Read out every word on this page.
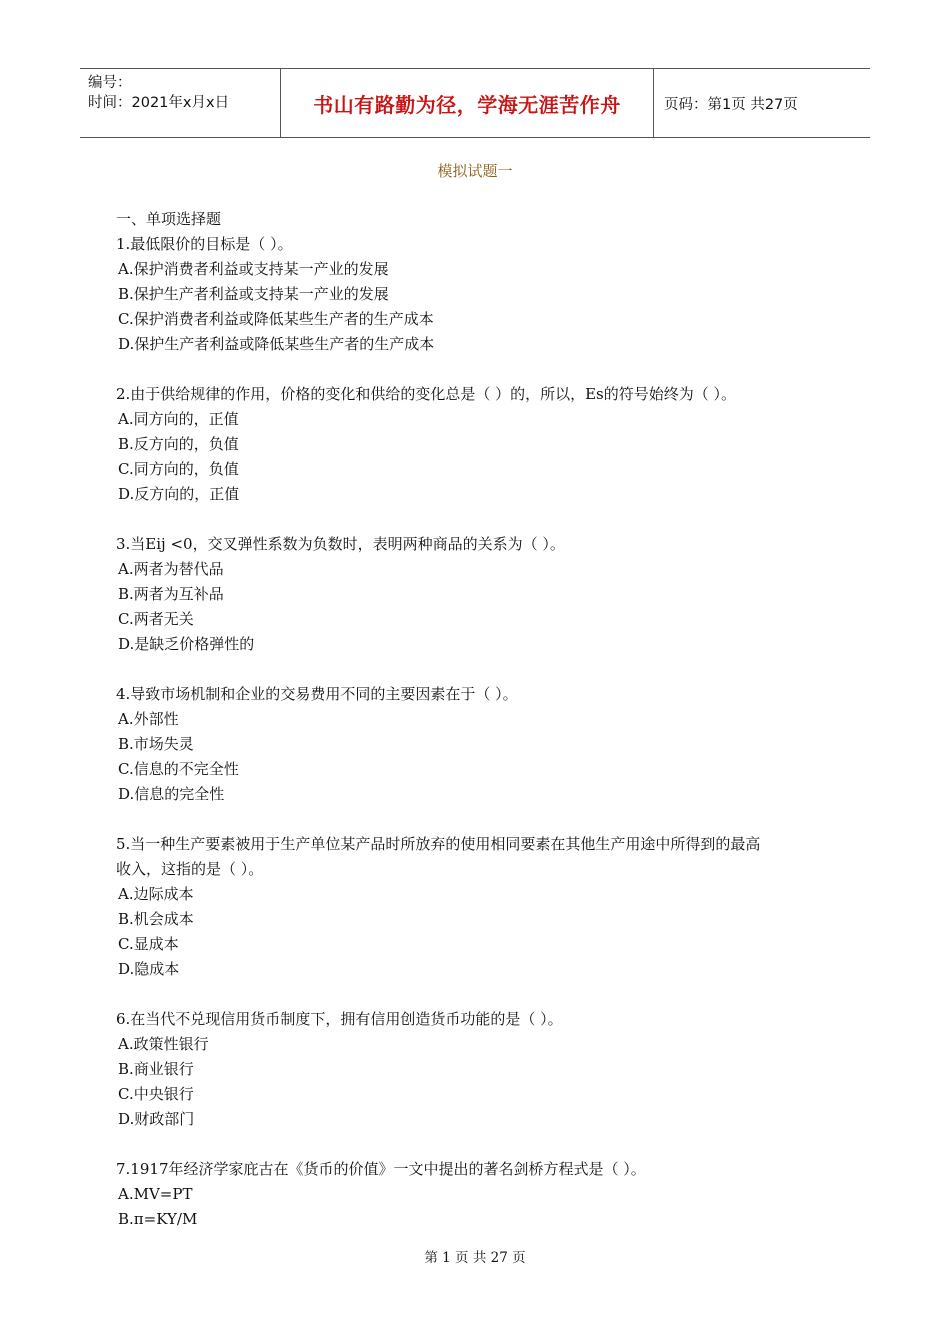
编号：
时间：2021年x月x日	书山有路勤为径，学海无涯苦作舟	页码：第1页 共27页
模拟试题一
一、单项选择题
1.最低限价的目标是（ ）。
A.保护消费者利益或支持某一产业的发展
B.保护生产者利益或支持某一产业的发展
C.保护消费者利益或降低某些生产者的生产成本
D.保护生产者利益或降低某些生产者的生产成本
2.由于供给规律的作用，价格的变化和供给的变化总是（ ）的，所以，Es的符号始终为（ ）。
A.同方向的，正值
B.反方向的，负值
C.同方向的，负值
D.反方向的，正值
3.当Eij <0，交叉弹性系数为负数时，表明两种商品的关系为（ ）。
A.两者为替代品
B.两者为互补品
C.两者无关
D.是缺乏价格弹性的
4.导致市场机制和企业的交易费用不同的主要因素在于（ ）。
A.外部性
B.市场失灵
C.信息的不完全性
D.信息的完全性
5.当一种生产要素被用于生产单位某产品时所放弃的使用相同要素在其他生产用途中所得到的最高
收入，这指的是（ ）。
A.边际成本
B.机会成本
C.显成本
D.隐成本
6.在当代不兑现信用货币制度下，拥有信用创造货币功能的是（ ）。
A.政策性银行
B.商业银行
C.中央银行
D.财政部门
7.1917年经济学家庇古在《货币的价值》一文中提出的著名剑桥方程式是（ ）。
A.MV=PT
B.π=KY/M
第 1 页 共 27 页
